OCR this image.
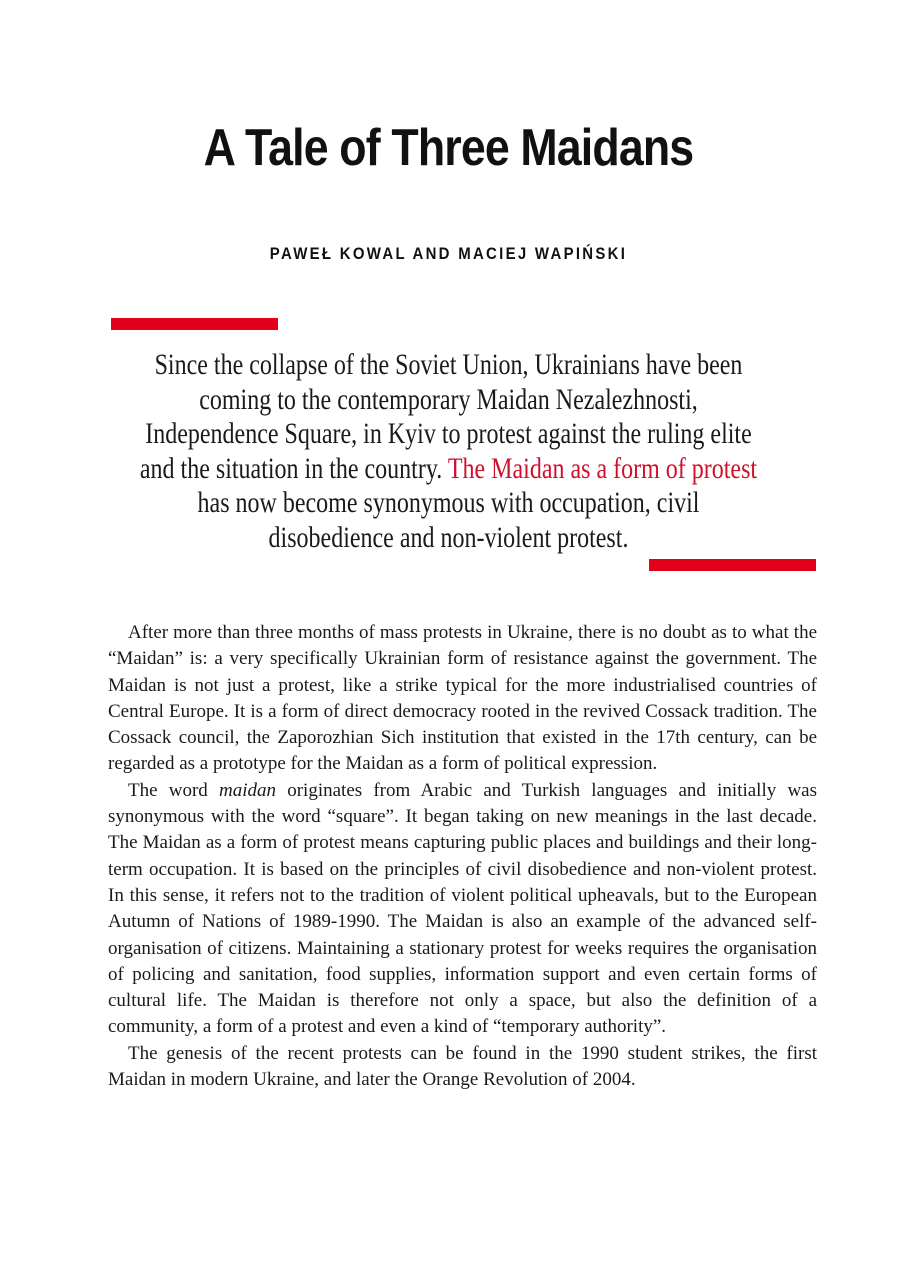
A Tale of Three Maidans
PAWEŁ KOWAL AND MACIEJ WAPIŃSKI

Since the collapse of the Soviet Union, Ukrainians have been coming to the contemporary Maidan Nezalezhnosti, Independence Square, in Kyiv to protest against the ruling elite and the situation in the country. The Maidan as a form of protest has now become synonymous with occupation, civil disobedience and non-violent protest.

After more than three months of mass protests in Ukraine, there is no doubt as to what the “Maidan” is: a very specifically Ukrainian form of resistance against the government. The Maidan is not just a protest, like a strike typical for the more industrialised countries of Central Europe. It is a form of direct democracy rooted in the revived Cossack tradition. The Cossack council, the Zaporozhian Sich institution that existed in the 17th century, can be regarded as a prototype for the Maidan as a form of political expression.

The word maidan originates from Arabic and Turkish languages and initially was synonymous with the word “square”. It began taking on new meanings in the last decade. The Maidan as a form of protest means capturing public places and buildings and their long-term occupation. It is based on the principles of civil disobedience and non-violent protest. In this sense, it refers not to the tradition of violent political upheavals, but to the European Autumn of Nations of 1989-1990. The Maidan is also an example of the advanced self-organisation of citizens. Maintaining a stationary protest for weeks requires the organisation of policing and sanitation, food supplies, information support and even certain forms of cultural life. The Maidan is therefore not only a space, but also the definition of a community, a form of a protest and even a kind of “temporary authority”.

The genesis of the recent protests can be found in the 1990 student strikes, the first Maidan in modern Ukraine, and later the Orange Revolution of 2004.
